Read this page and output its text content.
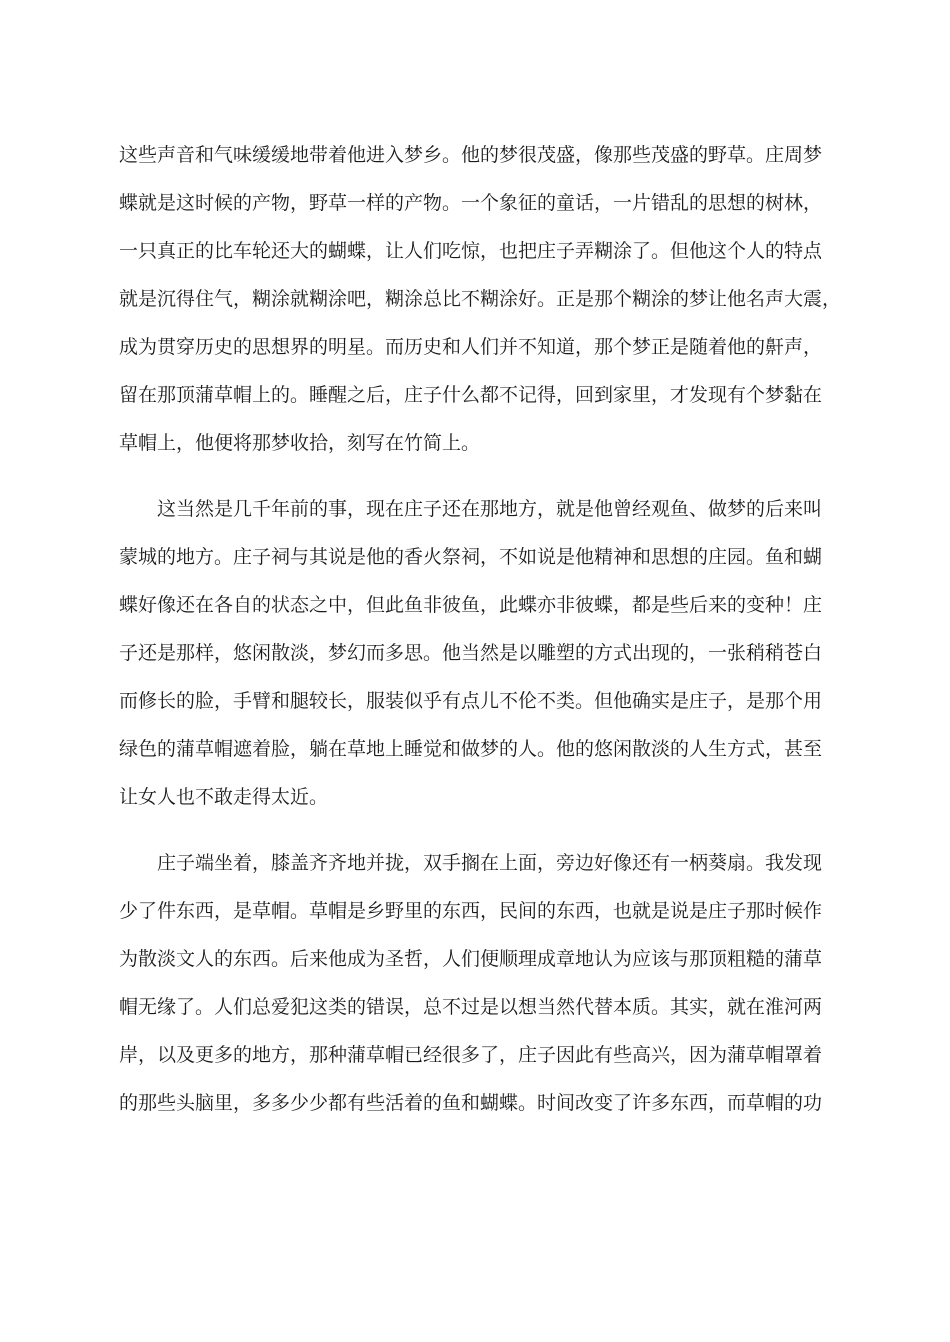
这些声音和气味缓缓地带着他进入梦乡。他的梦很茂盛，像那些茂盛的野草。庄周梦
蝶就是这时候的产物，野草一样的产物。一个象征的童话，一片错乱的思想的树林，
一只真正的比车轮还大的蝴蝶，让人们吃惊，也把庄子弄糊涂了。但他这个人的特点
就是沉得住气，糊涂就糊涂吧，糊涂总比不糊涂好。正是那个糊涂的梦让他名声大震，
成为贯穿历史的思想界的明星。而历史和人们并不知道，那个梦正是随着他的鼾声，
留在那顶蒲草帽上的。睡醒之后，庄子什么都不记得，回到家里，才发现有个梦黏在
草帽上，他便将那梦收拾，刻写在竹简上。
这当然是几千年前的事，现在庄子还在那地方，就是他曾经观鱼、做梦的后来叫
蒙城的地方。庄子祠与其说是他的香火祭祠，不如说是他精神和思想的庄园。鱼和蝴
蝶好像还在各自的状态之中，但此鱼非彼鱼，此蝶亦非彼蝶，都是些后来的变种！庄
子还是那样，悠闲散淡，梦幻而多思。他当然是以雕塑的方式出现的，一张稍稍苍白
而修长的脸，手臂和腿较长，服装似乎有点儿不伦不类。但他确实是庄子，是那个用
绿色的蒲草帽遮着脸，躺在草地上睡觉和做梦的人。他的悠闲散淡的人生方式，甚至
让女人也不敢走得太近。
庄子端坐着，膝盖齐齐地并拢，双手搁在上面，旁边好像还有一柄葵扇。我发现
少了件东西，是草帽。草帽是乡野里的东西，民间的东西，也就是说是庄子那时候作
为散淡文人的东西。后来他成为圣哲，人们便顺理成章地认为应该与那顶粗糙的蒲草
帽无缘了。人们总爱犯这类的错误，总不过是以想当然代替本质。其实，就在淮河两
岸，以及更多的地方，那种蒲草帽已经很多了，庄子因此有些高兴，因为蒲草帽罩着
的那些头脑里，多多少少都有些活着的鱼和蝴蝶。时间改变了许多东西，而草帽的功
